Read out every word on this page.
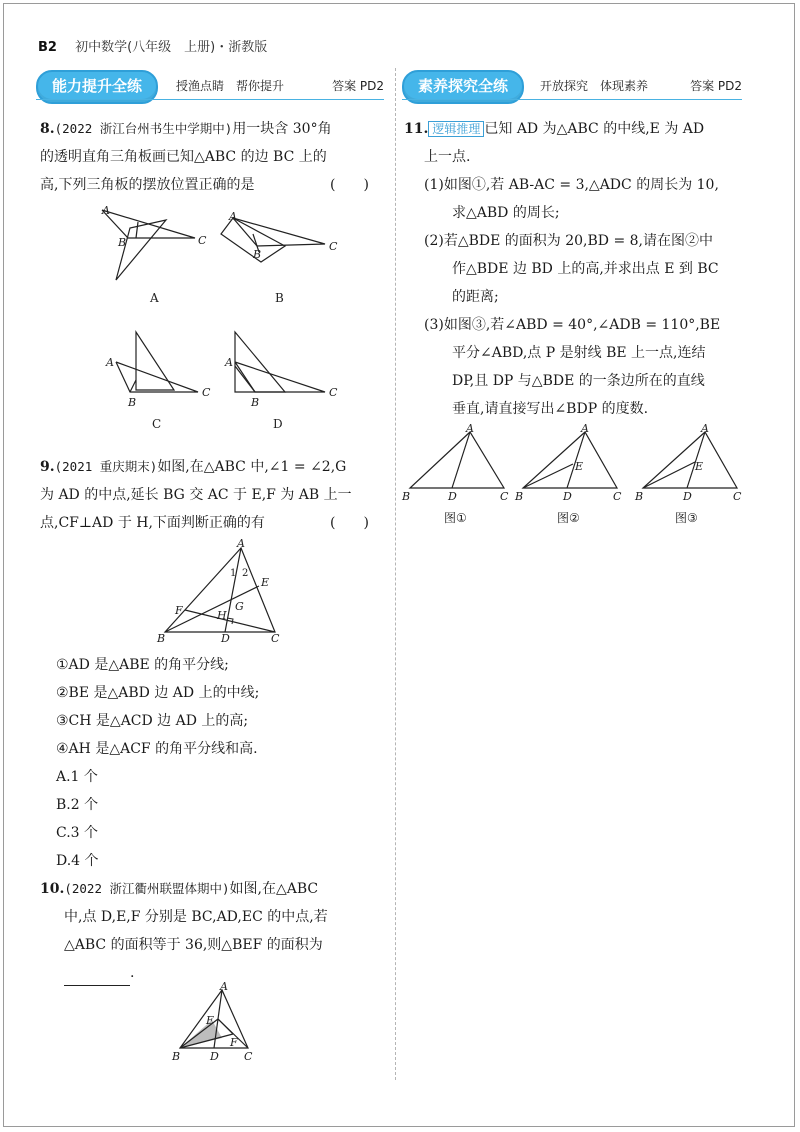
B2 初中数学(八年级　上册)・浙教版
能力提升全练	授渔点睛　帮你提升	答案 PD2	素养探究全练	开放探究　体现素养	答案 PD2
8.(2022 浙江台州书生中学期中)用一块含 30°角
的透明直角三角板画已知△ABC 的边 BC 上的
高,下列三角板的摆放位置正确的是	(　　)
A
B	C
A
A
B
C
B
A
B
C
C
A
B
C
D
9.(2021 重庆期末)如图,在△ABC 中,∠1 = ∠2,G
为 AD 的中点,延长 BG 交 AC 于 E,F 为 AB 上一
点,CF⊥AD 于 H,下面判断正确的有	(　　)
A
B	C
D
E
F	G
H
1 2
①AD 是△ABE 的角平分线;
②BE 是△ABD 边 AD 上的中线;
③CH 是△ACD 边 AD 上的高;
④AH 是△ACF 的角平分线和高.
A.1 个
B.2 个
C.3 个
D.4 个
10.(2022 浙江衢州联盟体期中)如图,在△ABC
中,点 D,E,F 分别是 BC,AD,EC 的中点,若
△ABC 的面积等于 36,则△BEF 的面积为
.
A
B	C
D
E
F
11. 逻辑推理 已知 AD 为△ABC 的中线,E 为 AD
上一点.
(1)如图①,若 AB-AC = 3,△ADC 的周长为 10,
求△ABD 的周长;
(2)若△BDE 的面积为 20,BD = 8,请在图②中
作△BDE 边 BD 上的高,并求出点 E 到 BC
的距离;
(3)如图③,若∠ABD = 40°,∠ADB = 110°,BE
平分∠ABD,点 P 是射线 BE 上一点,连结
DP,且 DP 与△BDE 的一条边所在的直线
垂直,请直接写出∠BDP 的度数.
A
B	D	C
图①
A
B	D	C
E
图②
A
B	D	C
E
图③
